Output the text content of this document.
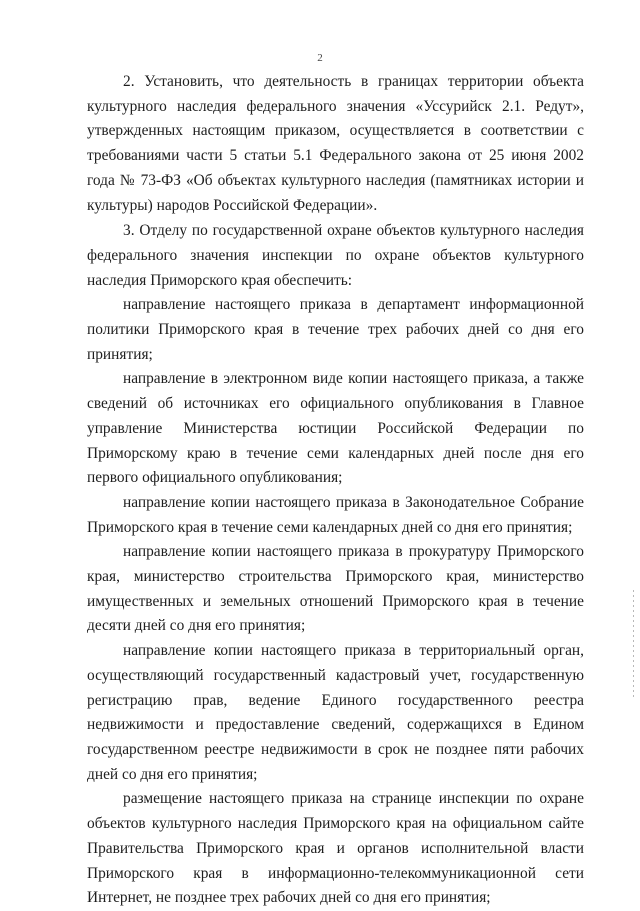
2

2. Установить, что деятельность в границах территории объекта культурного наследия федерального значения «Уссурийск 2.1. Редут», утвержденных настоящим приказом, осуществляется в соответствии с требованиями части 5 статьи 5.1 Федерального закона от 25 июня 2002 года № 73-ФЗ «Об объектах культурного наследия (памятниках истории и культуры) народов Российской Федерации».

3. Отделу по государственной охране объектов культурного наследия федерального значения инспекции по охране объектов культурного наследия Приморского края обеспечить:

направление настоящего приказа в департамент информационной политики Приморского края в течение трех рабочих дней со дня его принятия;

направление в электронном виде копии настоящего приказа, а также сведений об источниках его официального опубликования в Главное управление Министерства юстиции Российской Федерации по Приморскому краю в течение семи календарных дней после дня его первого официального опубликования;

направление копии настоящего приказа в Законодательное Собрание Приморского края в течение семи календарных дней со дня его принятия;

направление копии настоящего приказа в прокуратуру Приморского края, министерство строительства Приморского края, министерство имущественных и земельных отношений Приморского края в течение десяти дней со дня его принятия;

направление копии настоящего приказа в территориальный орган, осуществляющий государственный кадастровый учет, государственную регистрацию прав, ведение Единого государственного реестра недвижимости и предоставление сведений, содержащихся в Едином государственном реестре недвижимости в срок не позднее пяти рабочих дней со дня его принятия;

размещение настоящего приказа на странице инспекции по охране объектов культурного наследия Приморского края на официальном сайте Правительства Приморского края и органов исполнительной власти Приморского края в информационно-телекоммуникационной сети Интернет, не позднее трех рабочих дней со дня его принятия;
